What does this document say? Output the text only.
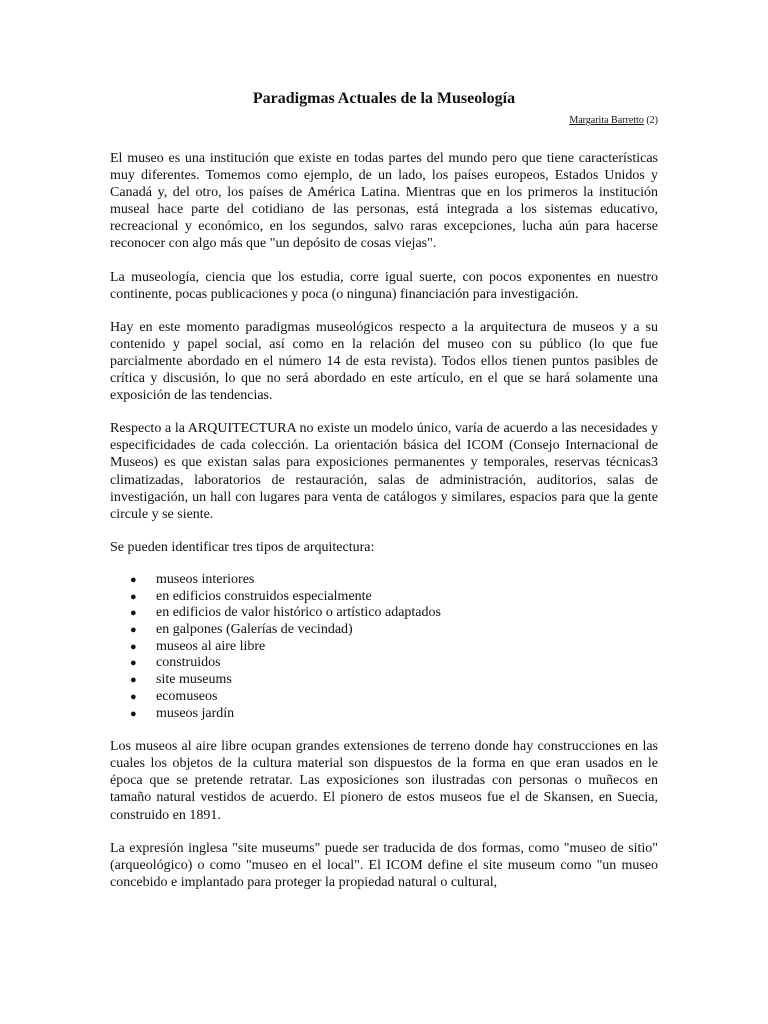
Paradigmas Actuales de la Museología
Margarita Barretto (2)

El museo es una institución que existe en todas partes del mundo pero que tiene características muy diferentes. Tomemos como ejemplo, de un lado, los países europeos, Estados Unidos y Canadá y, del otro, los países de América Latina. Mientras que en los primeros la institución museal hace parte del cotidiano de las personas, está integrada a los sistemas educativo, recreacional y económico, en los segundos, salvo raras excepciones, lucha aún para hacerse reconocer con algo más que "un depósito de cosas viejas".

La museología, ciencia que los estudia, corre igual suerte, con pocos exponentes en nuestro continente, pocas publicaciones y poca (o ninguna) financiación para investigación.

Hay en este momento paradigmas museológicos respecto a la arquitectura de museos y a su contenido y papel social, así como en la relación del museo con su público (lo que fue parcialmente abordado en el número 14 de esta revista). Todos ellos tienen puntos pasibles de crítica y discusión, lo que no será abordado en este artículo, en el que se hará solamente una exposición de las tendencias.

Respecto a la ARQUITECTURA no existe un modelo único, varía de acuerdo a las necesidades y especificidades de cada colección. La orientación básica del ICOM (Consejo Internacional de Museos) es que existan salas para exposiciones permanentes y temporales, reservas técnicas3 climatizadas, laboratorios de restauración, salas de administración, auditorios, salas de investigación, un hall con lugares para venta de catálogos y similares, espacios para que la gente circule y se siente.

Se pueden identificar tres tipos de arquitectura:

● museos interiores
● en edificios construidos especialmente
● en edificios de valor histórico o artístico adaptados
● en galpones (Galerías de vecindad)
● museos al aire libre
● construidos
● site museums
● ecomuseos
● museos jardín

Los museos al aire libre ocupan grandes extensiones de terreno donde hay construcciones en las cuales los objetos de la cultura material son dispuestos de la forma en que eran usados en le época que se pretende retratar. Las exposiciones son ilustradas con personas o muñecos en tamaño natural vestidos de acuerdo. El pionero de estos museos fue el de Skansen, en Suecia, construido en 1891.

La expresión inglesa "site museums" puede ser traducida de dos formas, como "museo de sitio"(arqueológico) o como "museo en el local". El ICOM define el site museum como "un museo concebido e implantado para proteger la propiedad natural o cultural,
